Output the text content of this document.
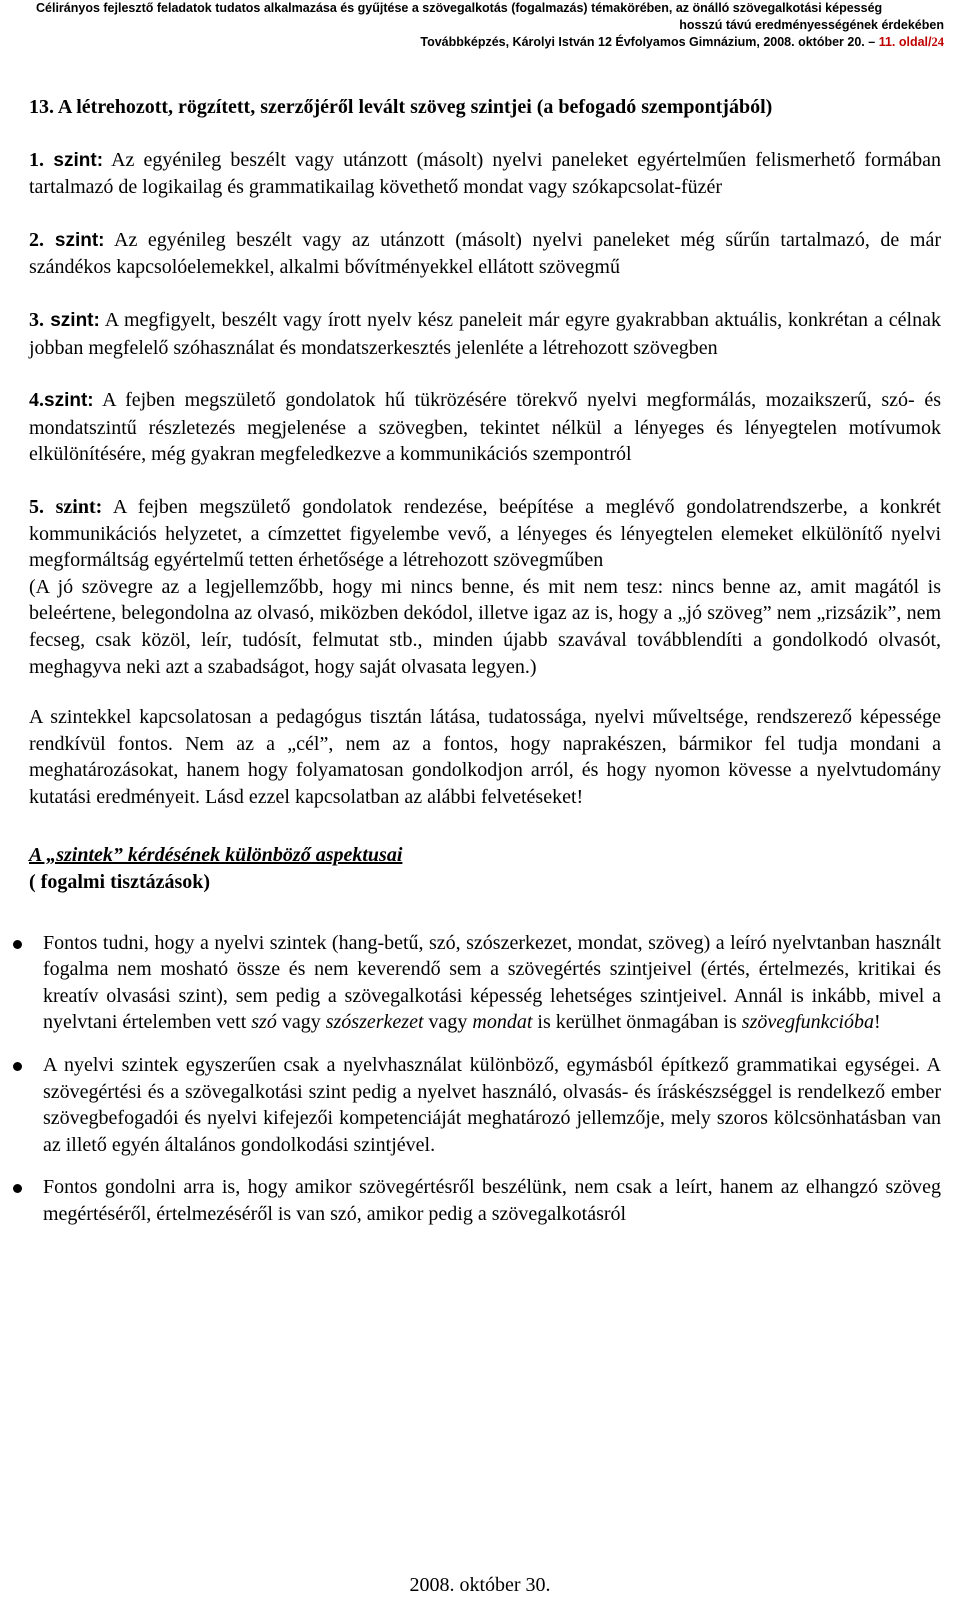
Célirányos fejlesztő feladatok tudatos alkalmazása és gyűjtése a szövegalkotás (fogalmazás) témakörében, az önálló szövegalkotási képesség
hosszú távú eredményességének érdekében
Továbbképzés, Károlyi István 12 Évfolyamos Gimnázium, 2008. október 20. – 11. oldal/24

13. A létrehozott, rögzített, szerzőjéről levált szöveg szintjei (a befogadó szempontjából)

1. szint: Az egyénileg beszélt vagy utánzott (másolt) nyelvi paneleket egyértelműen felismerhető formában tartalmazó de logikailag és grammatikailag követhető mondat vagy szókapcsolat-füzér

2. szint: Az egyénileg beszélt vagy az utánzott (másolt) nyelvi paneleket még sűrűn tartalmazó, de már szándékos kapcsolóelemekkel, alkalmi bővítményekkel ellátott szövegmű

3. szint: A megfigyelt, beszélt vagy írott nyelv kész paneleit már egyre gyakrabban aktuális, konkrétan a célnak jobban megfelelő szóhasználat és mondatszerkesztés jelenléte a létrehozott szövegben

4.szint: A fejben megszülető gondolatok hű tükrözésére törekvő nyelvi megformálás, mozaikszerű, szó- és mondatszintű részletezés megjelenése a szövegben, tekintet nélkül a lényeges és lényegtelen motívumok elkülönítésére, még gyakran megfeledkezve a kommunikációs szempontról

5. szint: A fejben megszülető gondolatok rendezése, beépítése a meglévő gondolatrendszerbe, a konkrét kommunikációs helyzetet, a címzettet figyelembe vevő, a lényeges és lényegtelen elemeket elkülönítő nyelvi megformáltság egyértelmű tetten érhetősége a létrehozott szövegműben

(A jó szövegre az a legjellemzőbb, hogy mi nincs benne, és mit nem tesz: nincs benne az, amit magától is beleértene, belegondolna az olvasó, miközben dekódol, illetve igaz az is, hogy a „jó szöveg” nem „rizsázik”, nem fecseg, csak közöl, leír, tudósít, felmutat stb., minden újabb szavával továbblendíti a gondolkodó olvasót, meghagyva neki azt a szabadságot, hogy saját olvasata legyen.)

A szintekkel kapcsolatosan a pedagógus tisztán látása, tudatossága, nyelvi műveltsége, rendszerező képessége rendkívül fontos. Nem az a „cél”, nem az a fontos, hogy naprakészen, bármikor fel tudja mondani a meghatározásokat, hanem hogy folyamatosan gondolkodjon arról, és hogy nyomon kövesse a nyelvtudomány kutatási eredményeit. Lásd ezzel kapcsolatban az alábbi felvetéseket!

A „szintek” kérdésének különböző aspektusai

( fogalmi tisztázások)

Fontos tudni, hogy a nyelvi szintek (hang-betű, szó, szószerkezet, mondat, szöveg) a leíró nyelvtanban használt fogalma nem mosható össze és nem keverendő sem a szövegértés szintjeivel (értés, értelmezés, kritikai és kreatív olvasási szint), sem pedig a szövegalkotási képesség lehetséges szintjeivel. Annál is inkább, mivel a nyelvtani értelemben vett szó vagy szószerkezet vagy mondat is kerülhet önmagában is szövegfunkcióba!
A nyelvi szintek egyszerűen csak a nyelvhasználat különböző, egymásból építkező grammatikai egységei. A szövegértési és a szövegalkotási szint pedig a nyelvet használó, olvasás- és íráskészséggel is rendelkező ember szövegbefogadói és nyelvi kifejezői kompetenciáját meghatározó jellemzője, mely szoros kölcsönhatásban van az illető egyén általános gondolkodási szintjével.
Fontos gondolni arra is, hogy amikor szövegértésről beszélünk, nem csak a leírt, hanem az elhangzó szöveg megértéséről, értelmezéséről is van szó, amikor pedig a szövegalkotásról
2008. október 30.
